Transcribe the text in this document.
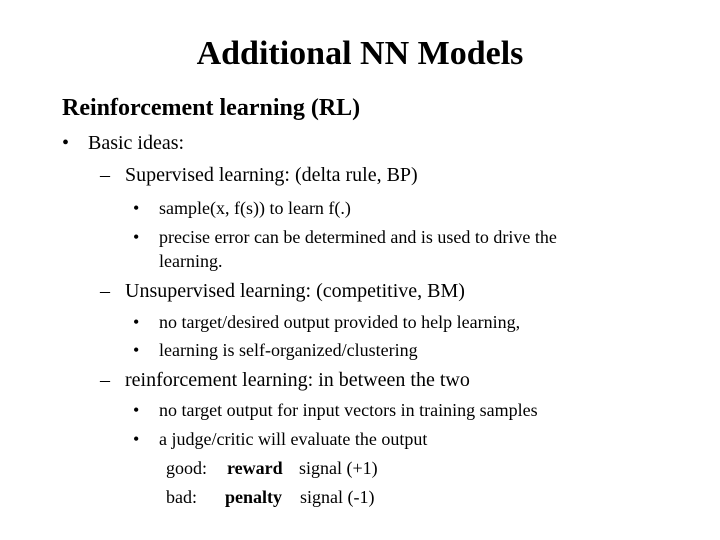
Additional NN Models
Reinforcement learning (RL)
• Basic ideas:
– Supervised learning: (delta rule, BP)
• sample(x, f(s)) to learn f(.)
• precise error can be determined and is used to drive the
learning.
– Unsupervised learning: (competitive, BM)
• no target/desired output provided to help learning,
• learning is self-organized/clustering
– reinforcement learning: in between the two
• no target output for input vectors in training samples
• a judge/critic will evaluate the output
good: reward signal (+1)
bad: penalty signal (-1)
